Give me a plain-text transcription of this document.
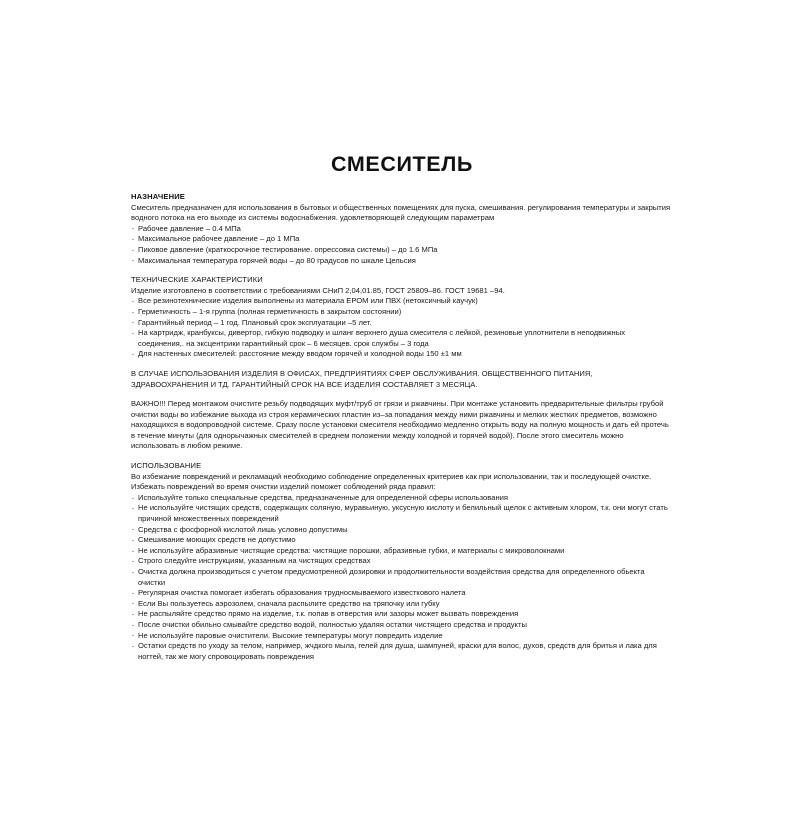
СМЕСИТЕЛЬ

НАЗНАЧЕНИЕ

Смеситель предназначен для использования в бытовых и общественных помещениях для пуска, смешивания. регулирования температуры и закрытия водного потока на его выходе из системы водоснабжения. удовлетворяющей следующим параметрам

· Рабочее давление – 0.4 МПа
· Максимальное рабочее давление – до 1 МПа
· Пиковое давление (краткосрочное тестирование. опрессовка системы) – до 1.6 МПа
· Максимальная температура горячей воды – до 80 градусов по шкале Цельсия

ТЕХНИЧЕСКИЕ ХАРАКТЕРИСТИКИ

Изделие изготовлено в соответствии с требованиями СНиП 2,04,01.85, ГОСТ 25809–86. ГОСТ 19681 –94.

· Все резинотехнические изделия выполнены из материала ЕРОМ или ПВХ (нетоксичный каучук)
· Герметичность – 1-я группа (полная герметичность в закрытом состоянии)
· Гарантийный период – 1 год. Плановый срок эксплуатации –5 лет.
· На картридж, кранбуксы, дивертор, гибкую подводку и шланг верхнего душа смесителя с лейкой, резиновые уплотнители в неподвижных соединения,. на эксцентрики гарантийный срок – 6 месяцев. срок службы – 3 года
· Для настенных смесителей: расстояние между вводом горячей и холодной воды 150 ±1 мм

В СЛУЧАЕ ИСПОЛЬЗОВАНИЯ ИЗДЕЛИЯ В ОФИСАХ, ПРЕДПРИЯТИЯХ СФЕР ОБСЛУЖИВАНИЯ. ОБЩЕСТВЕННОГО ПИТАНИЯ, ЗДРАВООХРАНЕНИЯ И ТД. ГАРАНТИЙНЫЙ СРОК НА ВСЕ ИЗДЕЛИЯ СОСТАВЛЯЕТ 3 МЕСЯЦА.

ВАЖНО!!! Перед монтажом очистите резьбу подводящих муфт/труб от грязи и ржавчины. При монтаже установить предварительные фильтры грубой очистки воды во избежание выхода из строя керамических пластин из–за попадания между ними ржавчины и мелких жестких предметов, возможно находящихся в водопроводной системе. Сразу после установки смесителя необходимо медленно открыть воду на полную мощность и дать ей протечь в течение минуты (для однорычажных смесителей в среднем положении между холодной и горячей водой). После этого смеситель можно использовать в любом режиме.

ИСПОЛЬЗОВАНИЕ

Во избежание повреждений и рекламаций необходимо соблюдение определенных критериев как при использовании, так и последующей очистке. Избежать повреждений во время очистки изделий поможет соблюдений ряда правил:

· Используйте только специальные средства, предназначенные для определенной сферы использования
· Не используйте чистящих средств, содержащих соляную, муравьиную, уксусную кислоту и белильный щелок с активным хлором, т.к. они могут стать причиной множественных повреждений
· Средства с фосфорной кислотой лишь условно допустимы
· Смешивание моющих средств не допустимо
· Не используйте абразивные чистящие средства: чистящие порошки, абразивные губки, и материалы с микроволокнами
· Строго следуйте инструкциям, указанным на чистящих средствах
· Очистка должна производиться с учетом предусмотренной дозировки и продолжительности воздействия средства для определенного обьекта очистки
· Регулярная очистка помогает избегать образования трудносмываемого известкового налета
· Если Вы пользуетесь аэрозолем, сначала распылите средство на тряпочку или губку
· Не распыляйте средство прямо на изделие, т.к. попав в отверстия или зазоры может вызвать повреждения
· После очистки обильно смывайте средство водой, полностью удаляя остатки чистящего средства и продукты
· Не используйте паровые очистители. Высокие температуры могут повредить изделие
· Остатки средств по уходу за телом, например, жчдкого мыла, гелей для душа, шампуней, краски для волос, духов, средств для бритья и лака для ногтей, так же могу спровоцировать повреждения
